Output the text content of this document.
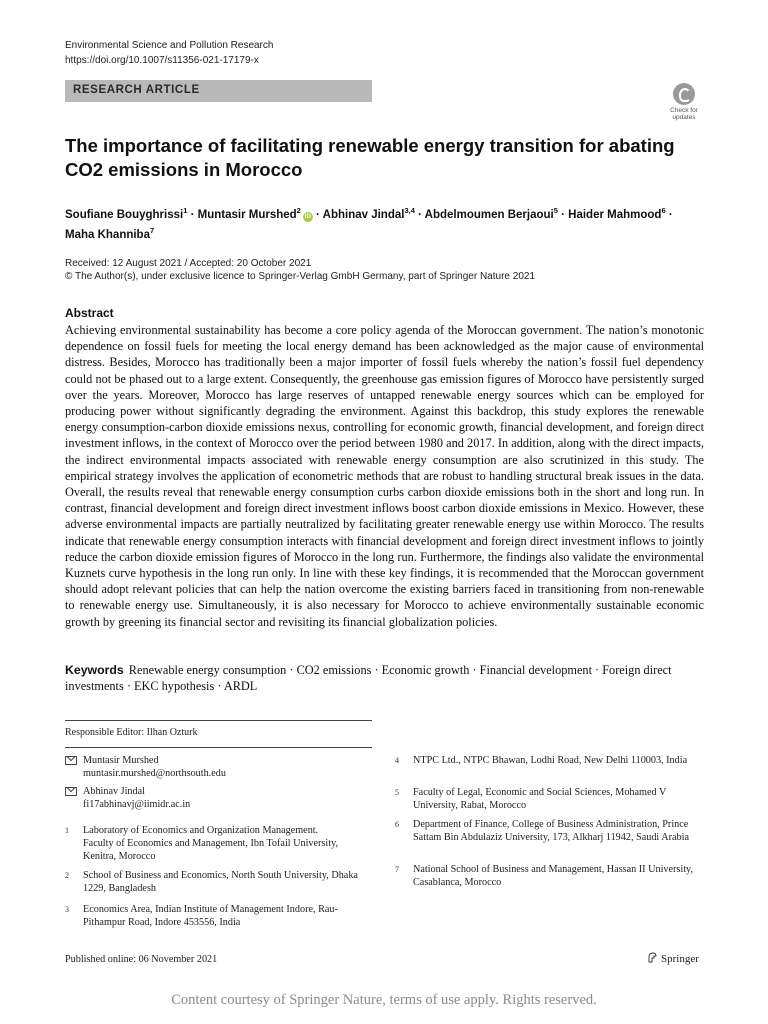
Environmental Science and Pollution Research
https://doi.org/10.1007/s11356-021-17179-x
RESEARCH ARTICLE
Check for updates
The importance of facilitating renewable energy transition for abating CO2 emissions in Morocco
Soufiane Bouyghrissi$^1$ · Muntasir Murshed$^2$iD · Abhinav Jindal$^{3,4}$ · Abdelmoumen Berjaoui$^5$ · Haider Mahmood$^6$ ·
Maha Khanniba$^7$
Received: 12 August 2021 / Accepted: 20 October 2021
© The Author(s), under exclusive licence to Springer-Verlag GmbH Germany, part of Springer Nature 2021
Abstract
Achieving environmental sustainability has become a core policy agenda of the Moroccan government. The nation’s monotonic dependence on fossil fuels for meeting the local energy demand has been acknowledged as the major cause of environmental distress. Besides, Morocco has traditionally been a major importer of fossil fuels whereby the nation’s fossil fuel dependency could not be phased out to a large extent. Consequently, the greenhouse gas emission figures of Morocco have persistently surged over the years. Moreover, Morocco has large reserves of untapped renewable energy sources which can be employed for producing power without significantly degrading the environment. Against this backdrop, this study explores the renewable energy consumption-carbon dioxide emissions nexus, controlling for economic growth, financial development, and foreign direct investment inflows, in the context of Morocco over the period between 1980 and 2017. In addition, along with the direct impacts, the indirect environmental impacts associated with renewable energy consumption are also scrutinized in this study. The empirical strategy involves the application of econometric methods that are robust to handling structural break issues in the data. Overall, the results reveal that renewable energy consumption curbs carbon dioxide emissions both in the short and long run. In contrast, financial development and foreign direct investment inflows boost carbon dioxide emissions in Mexico. However, these adverse environmental impacts are partially neutralized by facilitating greater renewable energy use within Morocco. The results indicate that renewable energy consumption interacts with financial development and foreign direct investment inflows to jointly reduce the carbon dioxide emission figures of Morocco in the long run. Furthermore, the findings also validate the environmental Kuznets curve hypothesis in the long run only. In line with these key findings, it is recommended that the Moroccan government should adopt relevant policies that can help the nation overcome the existing barriers faced in transitioning from non-renewable to renewable energy use. Simultaneously, it is also necessary for Morocco to achieve environmentally sustainable economic growth by greening its financial sector and revisiting its financial globalization policies.
Keywords Renewable energy consumption · CO2 emissions · Economic growth · Financial development · Foreign direct investments · EKC hypothesis · ARDL
Responsible Editor: Ilhan Ozturk
Muntasir Murshed
muntasir.murshed@northsouth.edu
Abhinav Jindal
fi17abhinavj@iimidr.ac.in
1 Laboratory of Economics and Organization Management. Faculty of Economics and Management, Ibn Tofail University, Kenitra, Morocco
2 School of Business and Economics, North South University, Dhaka 1229, Bangladesh
3 Economics Area, Indian Institute of Management Indore, Rau-Pithampur Road, Indore 453556, India
4 NTPC Ltd., NTPC Bhawan, Lodhi Road, New Delhi 110003, India
5 Faculty of Legal, Economic and Social Sciences, Mohamed V University, Rabat, Morocco
6 Department of Finance, College of Business Administration, Prince Sattam Bin Abdulaziz University, 173, Alkharj 11942, Saudi Arabia
7 National School of Business and Management, Hassan II University, Casablanca, Morocco
Published online: 06 November 2021	Springer
Content courtesy of Springer Nature, terms of use apply. Rights reserved.
